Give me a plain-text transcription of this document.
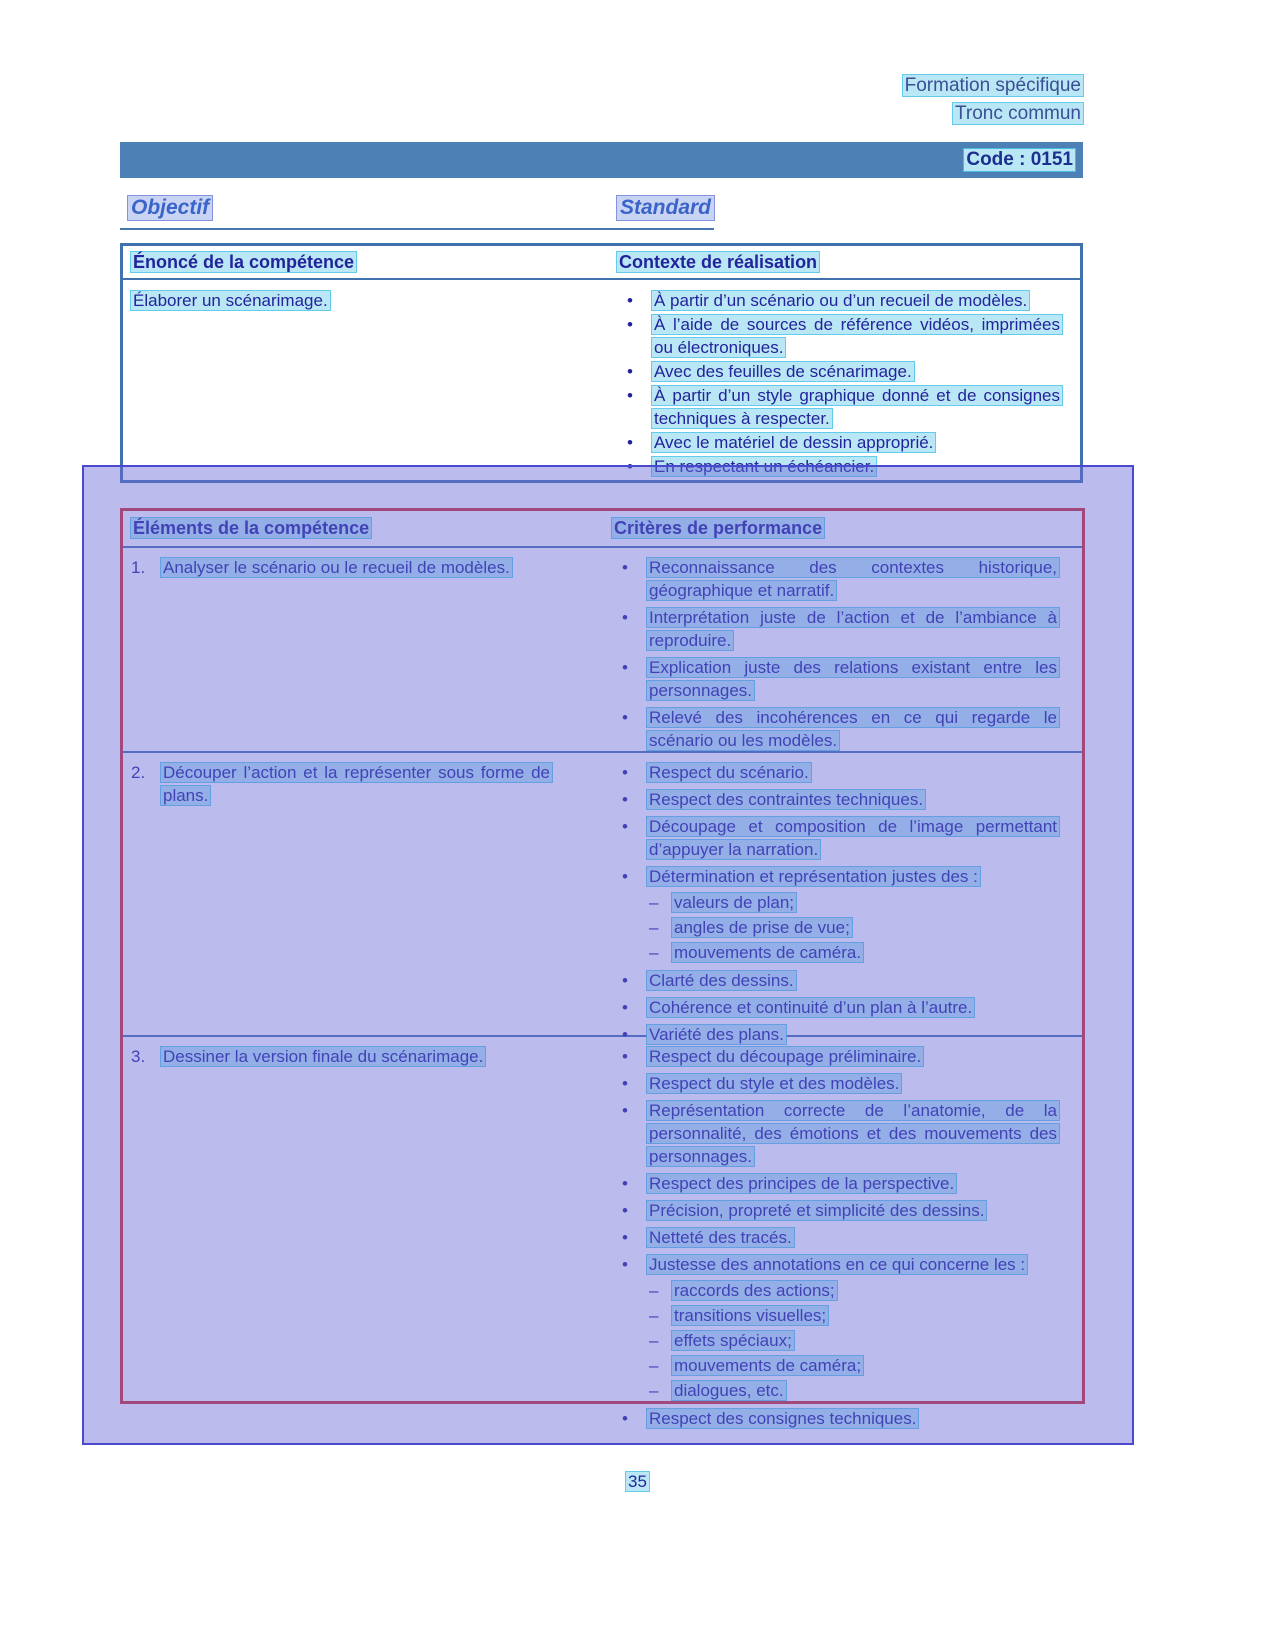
Formation spécifique
Tronc commun
Code : 0151
Objectif	Standard
Énoncé de la compétence	Contexte de réalisation
Élaborer un scénarimage.	• À partir d’un scénario ou d’un recueil de modèles.
• À l’aide de sources de référence vidéos, imprimées ou électroniques.
• Avec des feuilles de scénarimage.
• À partir d’un style graphique donné et de consignes techniques à respecter.
• Avec le matériel de dessin approprié.
• En respectant un échéancier.
Éléments de la compétence	Critères de performance
1.	Analyser le scénario ou le recueil de modèles.	• Reconnaissance des contextes historique, géographique et narratif.
• Interprétation juste de l’action et de l’ambiance à reproduire.
• Explication juste des relations existant entre les personnages.
• Relevé des incohérences en ce qui regarde le scénario ou les modèles.
2.	Découper l’action et la représenter sous forme de plans.
• Respect du scénario.
• Respect des contraintes techniques.
• Découpage et composition de l’image permettant d’appuyer la narration.
• Détermination et représentation justes des :
– valeurs de plan;
– angles de prise de vue;
– mouvements de caméra.
• Clarté des dessins.
• Cohérence et continuité d’un plan à l’autre.
• Variété des plans.
3.	Dessiner la version finale du scénarimage.	• Respect du découpage préliminaire.
• Respect du style et des modèles.
• Représentation correcte de l’anatomie, de la personnalité, des émotions et des mouvements des personnages.
• Respect des principes de la perspective.
• Précision, propreté et simplicité des dessins.
• Netteté des tracés.
• Justesse des annotations en ce qui concerne les :
– raccords des actions;
– transitions visuelles;
– effets spéciaux;
– mouvements de caméra;
– dialogues, etc.
• Respect des consignes techniques.
35
